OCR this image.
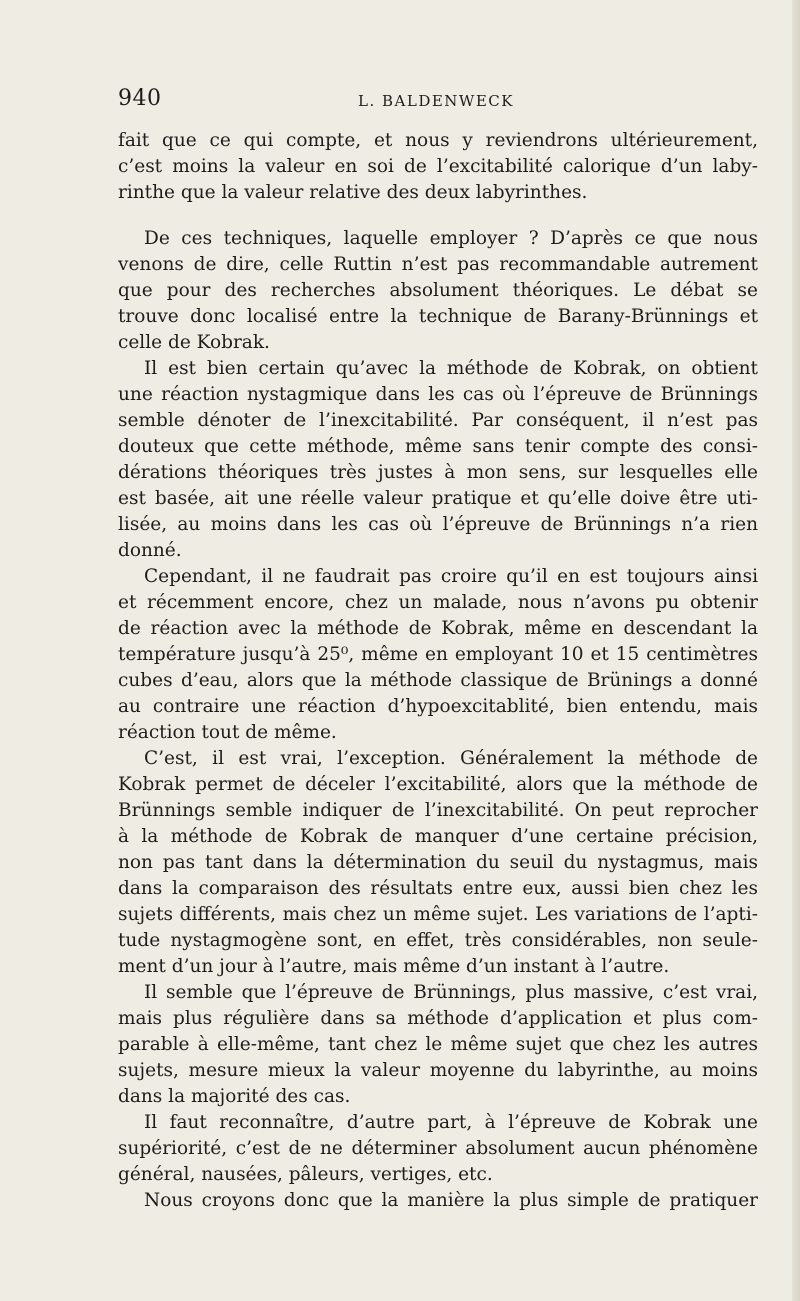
940	L. BALDENWECK
fait que ce qui compte, et nous y reviendrons ultérieurement,
c’est moins la valeur en soi de l’excitabilité calorique d’un laby-
rinthe que la valeur relative des deux labyrinthes.
De ces techniques, laquelle employer ? D’après ce que nous
venons de dire, celle Ruttin n’est pas recommandable autrement
que pour des recherches absolument théoriques. Le débat se
trouve donc localisé entre la technique de Barany-Brünnings et
celle de Kobrak.
Il est bien certain qu’avec la méthode de Kobrak, on obtient
une réaction nystagmique dans les cas où l’épreuve de Brünnings
semble dénoter de l’inexcitabilité. Par conséquent, il n’est pas
douteux que cette méthode, même sans tenir compte des consi-
dérations théoriques très justes à mon sens, sur lesquelles elle
est basée, ait une réelle valeur pratique et qu’elle doive être uti-
lisée, au moins dans les cas où l’épreuve de Brünnings n’a rien
donné.
Cependant, il ne faudrait pas croire qu’il en est toujours ainsi
et récemment encore, chez un malade, nous n’avons pu obtenir
de réaction avec la méthode de Kobrak, même en descendant la
température jusqu’à 25⁰, même en employant 10 et 15 centimètres
cubes d’eau, alors que la méthode classique de Brünings a donné
au contraire une réaction d’hypoexcitablité, bien entendu, mais
réaction tout de même.
C’est, il est vrai, l’exception. Généralement la méthode de
Kobrak permet de déceler l’excitabilité, alors que la méthode de
Brünnings semble indiquer de l’inexcitabilité. On peut reprocher
à la méthode de Kobrak de manquer d’une certaine précision,
non pas tant dans la détermination du seuil du nystagmus, mais
dans la comparaison des résultats entre eux, aussi bien chez les
sujets différents, mais chez un même sujet. Les variations de l’apti-
tude nystagmogène sont, en effet, très considérables, non seule-
ment d’un jour à l’autre, mais même d’un instant à l’autre.
Il semble que l’épreuve de Brünnings, plus massive, c’est vrai,
mais plus régulière dans sa méthode d’application et plus com-
parable à elle-même, tant chez le même sujet que chez les autres
sujets, mesure mieux la valeur moyenne du labyrinthe, au moins
dans la majorité des cas.
Il faut reconnaître, d’autre part, à l’épreuve de Kobrak une
supériorité, c’est de ne déterminer absolument aucun phénomène
général, nausées, pâleurs, vertiges, etc.
Nous croyons donc que la manière la plus simple de pratiquer
